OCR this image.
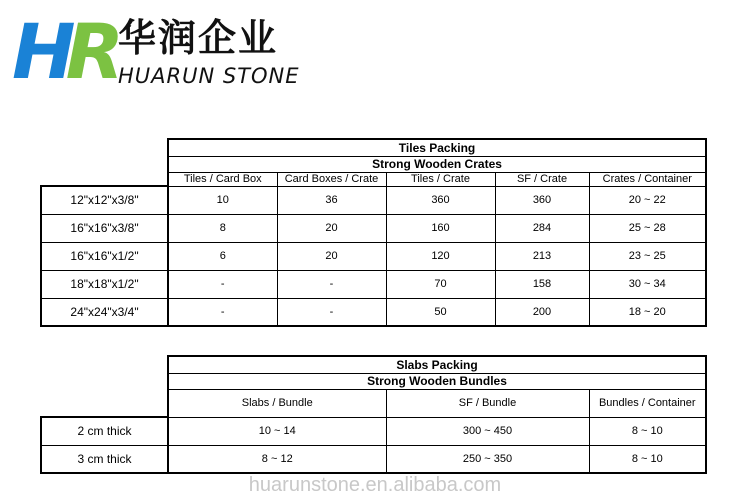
HR 华润企业
HUARUN STONE
	Tiles Packing				
	Strong Wooden Crates				
	Tiles / Card Box	Card Boxes / Crate	Tiles / Crate	SF / Crate	Crates / Container
12"x12"x3/8"	10	36	360	360	20 ~ 22
16"x16"x3/8"	8	20	160	284	25 ~ 28
16"x16"x1/2"	6	20	120	213	23 ~ 25
18"x18"x1/2"	-	-	70	158	30 ~ 34
24"x24"x3/4"	-	-	50	200	18 ~ 20
	Slabs Packing		
	Strong Wooden Bundles		
	Slabs / Bundle	SF / Bundle	Bundles / Container
2 cm thick	10 ~ 14	300 ~ 450	8 ~ 10
3 cm thick	8 ~ 12	250 ~ 350	8 ~ 10
huarunstone.en.alibaba.com
